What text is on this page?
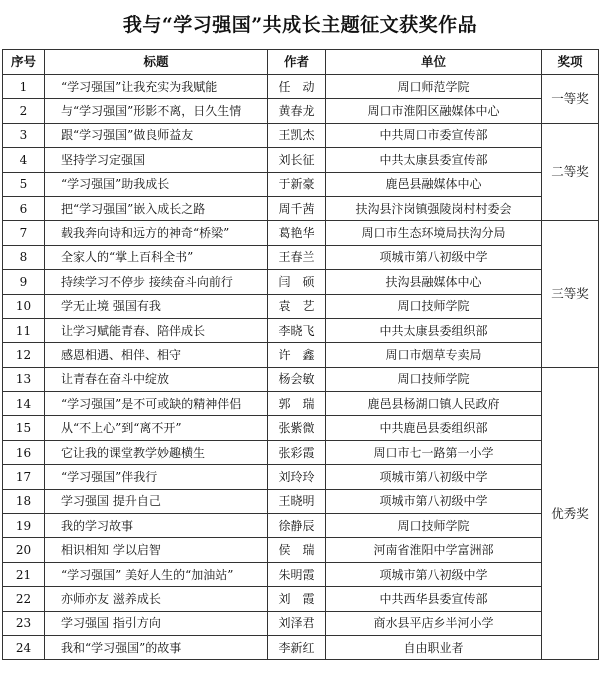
我与“学习强国”共成长主题征文获奖作品
序号	标题	作者	单位	奖项
1	“学习强国”让我充实为我赋能	任　动	周口师范学院	一等奖
2	与“学习强国”形影不离，日久生情	黄春龙	周口市淮阳区融媒体中心	
3	跟“学习强国”做良师益友	王凯杰	中共周口市委宣传部	二等奖
4	坚持学习定强国	刘长征	中共太康县委宣传部	
5	“学习强国”助我成长	于新豪	鹿邑县融媒体中心	
6	把“学习强国”嵌入成长之路	周千茜	扶沟县汴岗镇强陵岗村村委会	
7	载我奔向诗和远方的神奇“桥梁”	葛艳华	周口市生态环境局扶沟分局	三等奖
8	全家人的“掌上百科全书”	王春兰	项城市第八初级中学	
9	持续学习不停步 接续奋斗向前行	闫　硕	扶沟县融媒体中心	
10	学无止境 强国有我	袁　艺	周口技师学院	
11	让学习赋能青春、陪伴成长	李晓飞	中共太康县委组织部	
12	感恩相遇、相伴、相守	许　鑫	周口市烟草专卖局	
13	让青春在奋斗中绽放	杨会敏	周口技师学院	优秀奖
14	“学习强国”是不可或缺的精神伴侣	郭　瑞	鹿邑县杨湖口镇人民政府	
15	从“不上心”到“离不开”	张紫微	中共鹿邑县委组织部	
16	它让我的课堂教学妙趣横生	张彩霞	周口市七一路第一小学	
17	“学习强国”伴我行	刘玲玲	项城市第八初级中学	
18	学习强国 提升自己	王晓明	项城市第八初级中学	
19	我的学习故事	徐静辰	周口技师学院	
20	相识相知 学以启智	侯　瑞	河南省淮阳中学富洲部	
21	“学习强国” 美好人生的“加油站”	朱明霞	项城市第八初级中学	
22	亦师亦友 滋养成长	刘　霞	中共西华县委宣传部	
23	学习强国 指引方向	刘泽君	商水县平店乡半河小学	
24	我和“学习强国”的故事	李新红	自由职业者	
